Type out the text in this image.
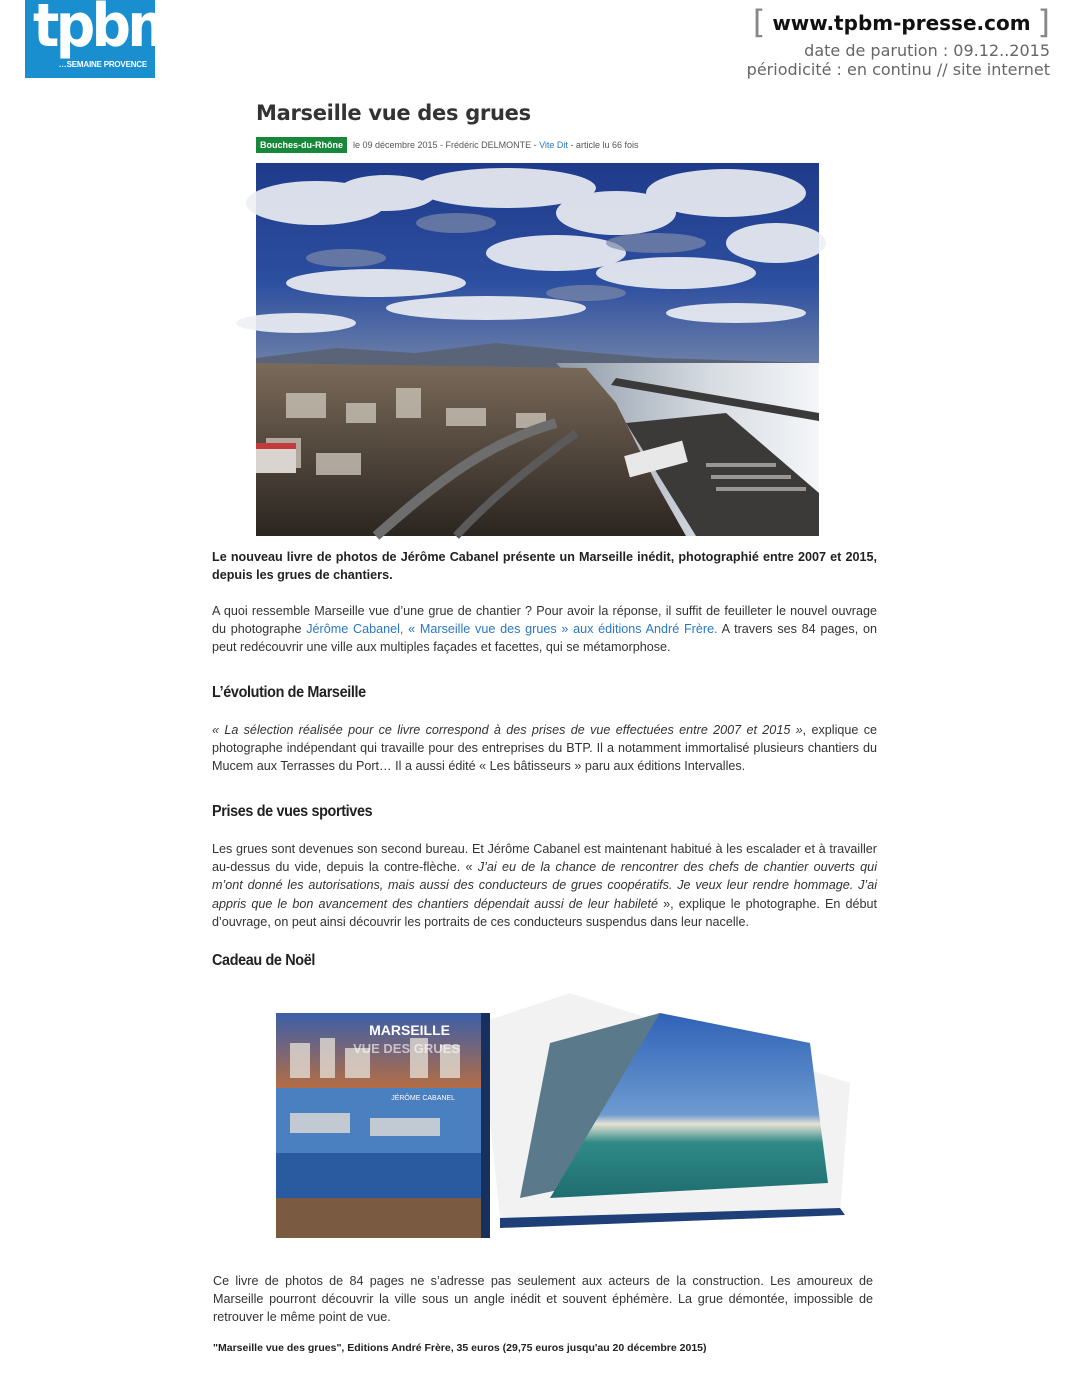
tpbm
…SEMAINE PROVENCE
[ www.tpbm-presse.com ]
date de parution : 09.12..2015
périodicité : en continu // site internet
Marseille vue des grues
Bouches-du-Rhône	le 09 décembre 2015 - Frédéric DELMONTE - Vite Dit - article lu 66 fois

Le nouveau livre de photos de Jérôme Cabanel présente un Marseille inédit, photographié entre 2007 et 2015, depuis les grues de chantiers.

A quoi ressemble Marseille vue d’une grue de chantier ? Pour avoir la réponse, il suffit de feuilleter le nouvel ouvrage du photographe Jérôme Cabanel, « Marseille vue des grues » aux éditions André Frère. A travers ses 84 pages, on peut redécouvrir une ville aux multiples façades et facettes, qui se métamorphose.

L’évolution de Marseille

« La sélection réalisée pour ce livre correspond à des prises de vue effectuées entre 2007 et 2015 », explique ce photographe indépendant qui travaille pour des entreprises du BTP. Il a notamment immortalisé plusieurs chantiers du Mucem aux Terrasses du Port… Il a aussi édité « Les bâtisseurs » paru aux éditions Intervalles.

Prises de vues sportives

Les grues sont devenues son second bureau. Et Jérôme Cabanel est maintenant habitué à les escalader et à travailler au-dessus du vide, depuis la contre-flèche. « J’ai eu de la chance de rencontrer des chefs de chantier ouverts qui m’ont donné les autorisations, mais aussi des conducteurs de grues coopératifs. Je veux leur rendre hommage. J’ai appris que le bon avancement des chantiers dépendait aussi de leur habileté », explique le photographe. En début d’ouvrage, on peut ainsi découvrir les portraits de ces conducteurs suspendus dans leur nacelle.

Cadeau de Noël
MARSEILLE
VUE DES GRUES
JÉRÔME CABANEL

Ce livre de photos de 84 pages ne s’adresse pas seulement aux acteurs de la construction. Les amoureux de Marseille pourront découvrir la ville sous un angle inédit et souvent éphémère. La grue démontée, impossible de retrouver le même point de vue.

"Marseille vue des grues", Editions André Frère, 35 euros (29,75 euros jusqu'au 20 décembre 2015)
